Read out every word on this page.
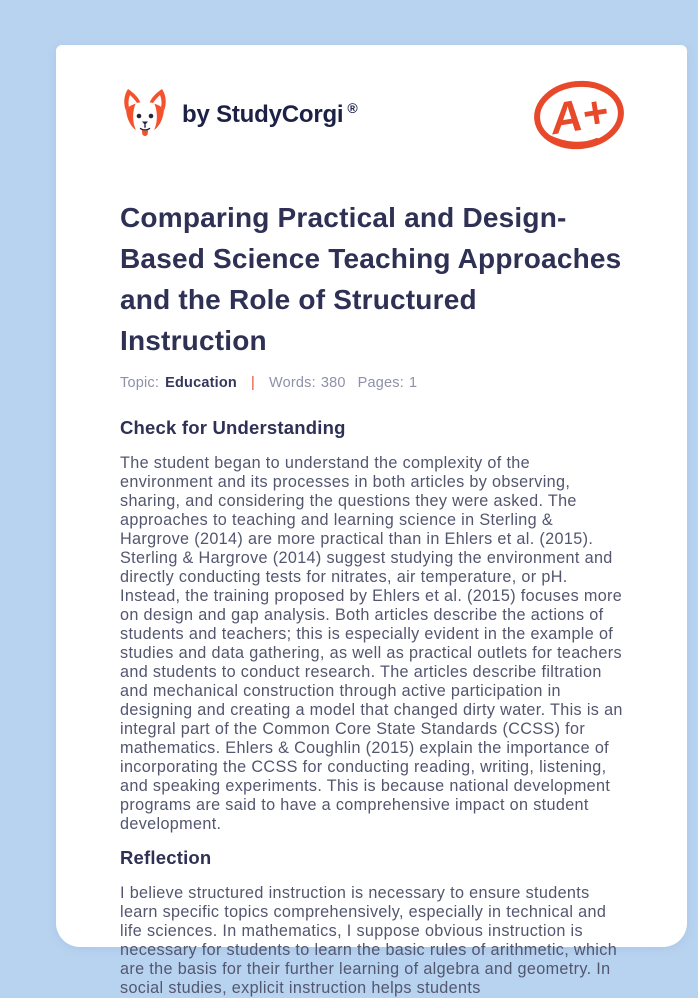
by StudyCorgi ®	A+
Comparing Practical and Design-Based Science Teaching Approaches and the Role of Structured Instruction
Topic: Education | Words: 380 Pages: 1
Check for Understanding

The student began to understand the complexity of the environment and its processes in both articles by observing, sharing, and considering the questions they were asked. The approaches to teaching and learning science in Sterling & Hargrove (2014) are more practical than in Ehlers et al. (2015). Sterling & Hargrove (2014) suggest studying the environment and directly conducting tests for nitrates, air temperature, or pH. Instead, the training proposed by Ehlers et al. (2015) focuses more on design and gap analysis. Both articles describe the actions of students and teachers; this is especially evident in the example of studies and data gathering, as well as practical outlets for teachers and students to conduct research. The articles describe filtration and mechanical construction through active participation in designing and creating a model that changed dirty water. This is an integral part of the Common Core State Standards (CCSS) for mathematics. Ehlers & Coughlin (2015) explain the importance of incorporating the CCSS for conducting reading, writing, listening, and speaking experiments. This is because national development programs are said to have a comprehensive impact on student development.

Reflection

I believe structured instruction is necessary to ensure students learn specific topics comprehensively, especially in technical and life sciences. In mathematics, I suppose obvious instruction is necessary for students to learn the basic rules of arithmetic, which are the basis for their further learning of algebra and geometry. In social studies, explicit instruction helps students
